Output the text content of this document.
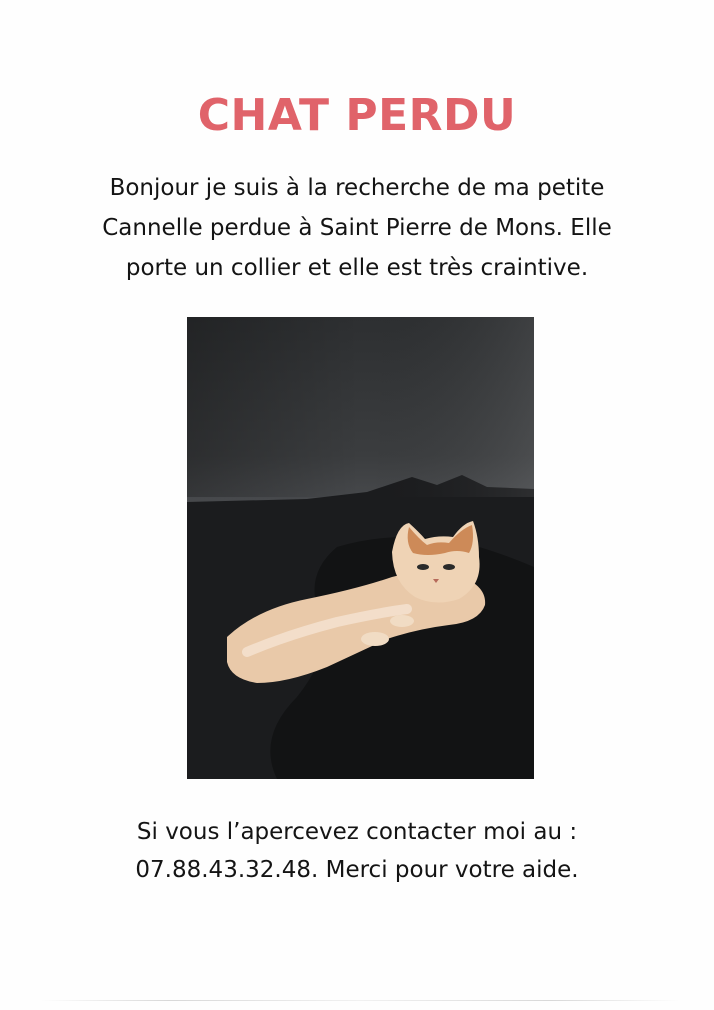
CHAT PERDU

Bonjour je suis à la recherche de ma petite
Cannelle perdue à Saint Pierre de Mons. Elle
porte un collier et elle est très craintive.

Si vous l’apercevez contacter moi au :
07.88.43.32.48. Merci pour votre aide.
